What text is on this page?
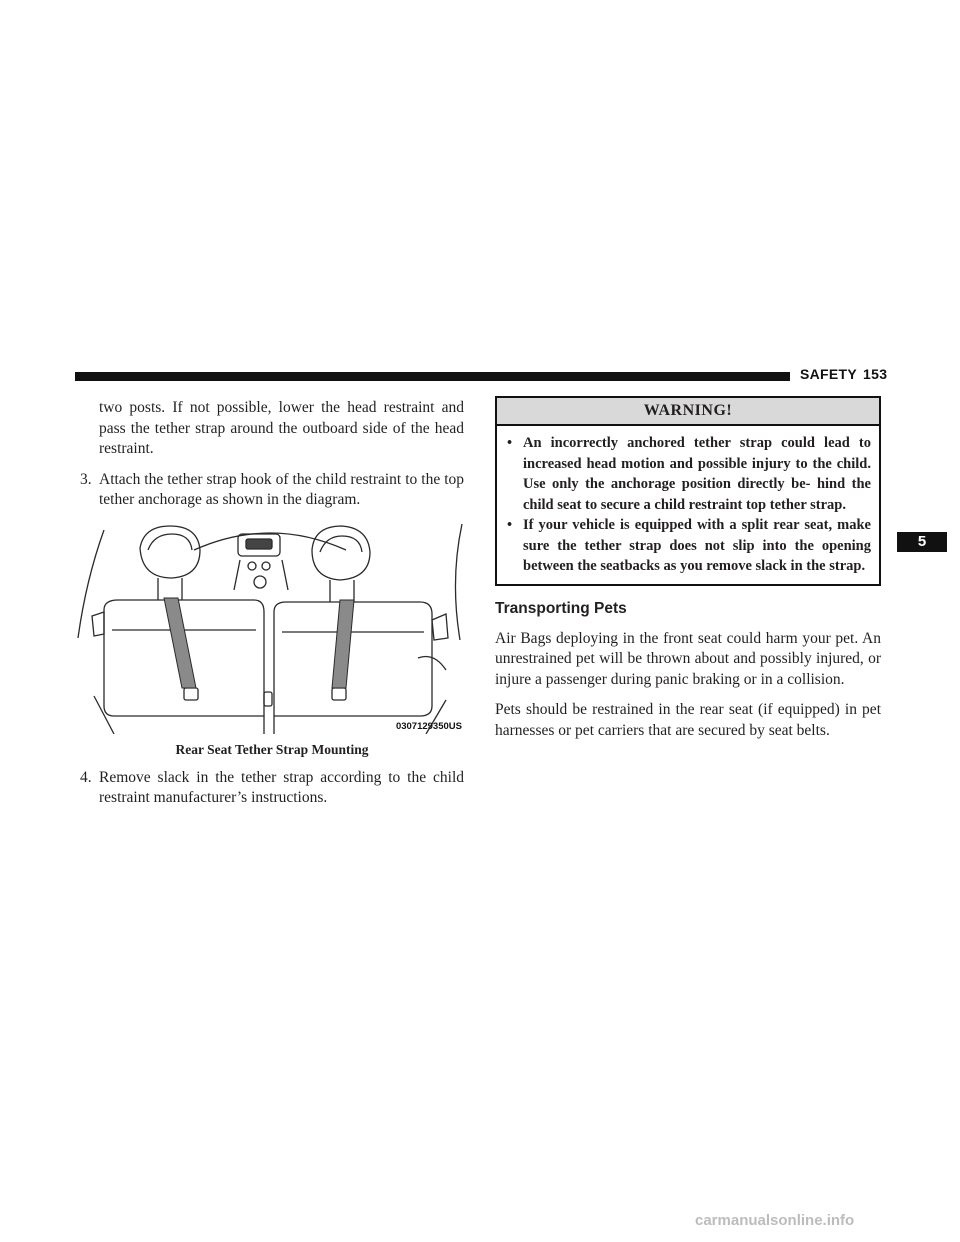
SAFETY 153
5

two posts. If not possible, lower the head restraint and pass the tether strap around the outboard side of the head restraint.

3. Attach the tether strap hook of the child restraint to the top tether anchorage as shown in the diagram.
0307129350US

Rear Seat Tether Strap Mounting

4. Remove slack in the tether strap according to the child restraint manufacturer’s instructions.
WARNING!
• An incorrectly anchored tether strap could lead to increased head motion and possible injury to the child. Use only the anchorage position directly be- hind the child seat to secure a child restraint top tether strap.
• If your vehicle is equipped with a split rear seat, make sure the tether strap does not slip into the opening between the seatbacks as you remove slack in the strap.
Transporting Pets

Air Bags deploying in the front seat could harm your pet. An unrestrained pet will be thrown about and possibly injured, or injure a passenger during panic braking or in a collision.

Pets should be restrained in the rear seat (if equipped) in pet harnesses or pet carriers that are secured by seat belts.

carmanualsonline.info
